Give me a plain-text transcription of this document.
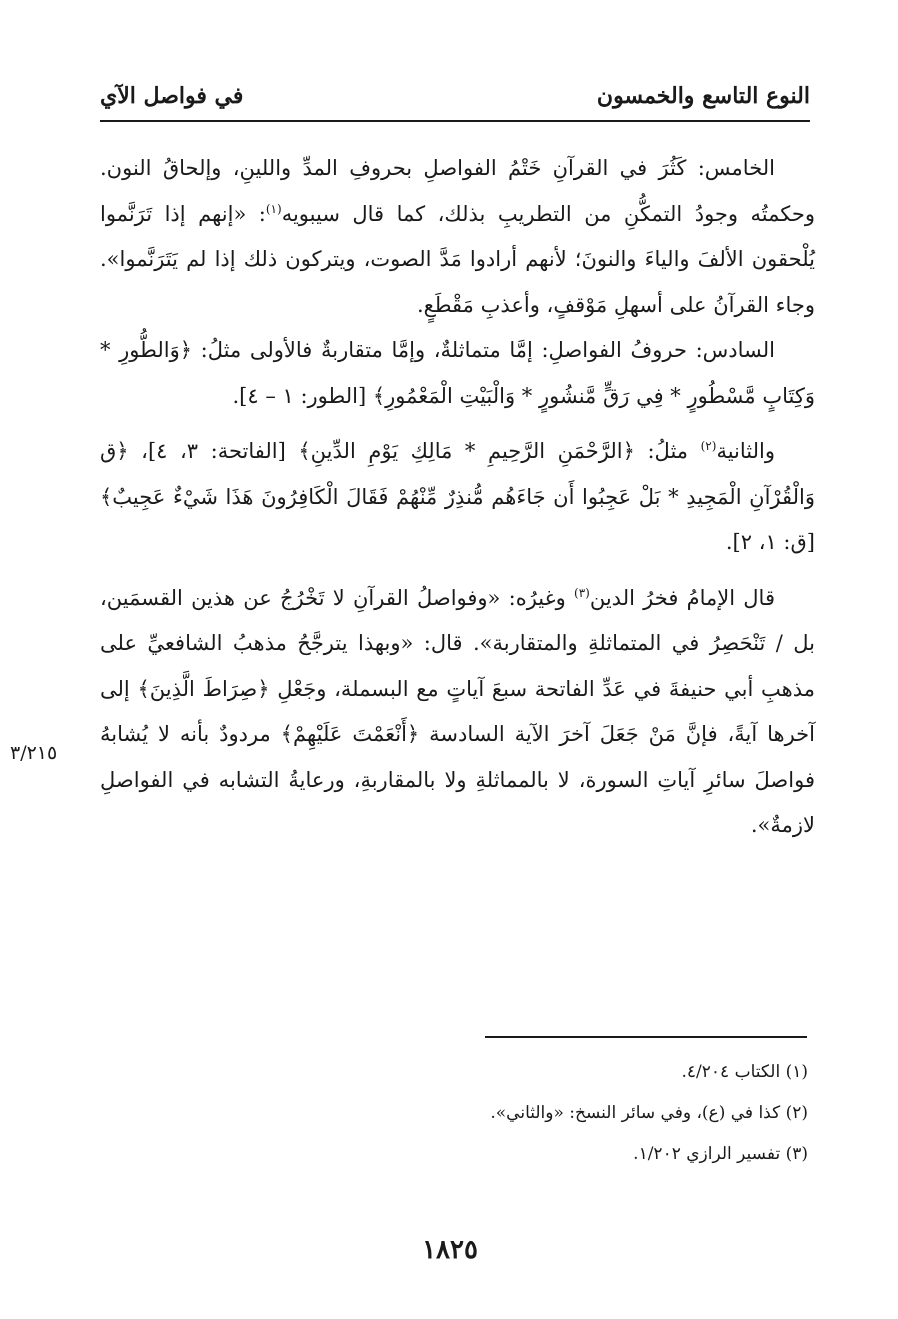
النوع التاسع والخمسون
في فواصل الآي

الخامس: كَثُرَ في القرآنِ خَتْمُ الفواصلِ بحروفِ المدِّ واللينِ، وإلحاقُ النون. وحكمتُه وجودُ التمكُّنِ من التطريبِ بذلك، كما قال سيبويه$^{(١)}$: «إنهم إذا تَرَنَّموا يُلْحقون الألفَ والياءَ والنونَ؛ لأنهم أرادوا مَدَّ الصوت، ويتركون ذلك إذا لم يَتَرَنَّموا». وجاء القرآنُ على أسهلِ مَوْقفٍ، وأعذبِ مَقْطَعٍ.

السادس: حروفُ الفواصلِ: إمَّا متماثلةٌ، وإمَّا متقاربةٌ فالأولى مثلُ: ﴿وَالطُّورِ * وَكِتَابٍ مَّسْطُورٍ * فِي رَقٍّ مَّنشُورٍ * وَالْبَيْتِ الْمَعْمُورِ﴾ [الطور: ١ – ٤].

والثانية$^{(٢)}$ مثلُ: ﴿الرَّحْمَنِ الرَّحِيمِ * مَالِكِ يَوْمِ الدِّينِ﴾ [الفاتحة: ٣، ٤]، ﴿ق وَالْقُرْآنِ الْمَجِيدِ * بَلْ عَجِبُوا أَن جَاءَهُم مُّنذِرٌ مِّنْهُمْ فَقَالَ الْكَافِرُونَ هَذَا شَيْءٌ عَجِيبٌ﴾ [ق: ١، ٢].

قال الإمامُ فخرُ الدين$^{(٣)}$ وغيرُه: «وفواصلُ القرآنِ لا تَخْرُجُ عن هذين القسمَين، بل / تَنْحَصِرُ في المتماثلةِ والمتقاربة». قال: «وبهذا يترجَّحُ مذهبُ الشافعيِّ على مذهبِ أبي حنيفةَ في عَدِّ الفاتحة سبعَ آياتٍ مع البسملة، وجَعْلِ ﴿صِرَاطَ الَّذِينَ﴾ إلى آخرها آيةً، فإنَّ مَنْ جَعَلَ آخرَ الآية السادسة ﴿أَنْعَمْتَ عَلَيْهِمْ﴾ مردودٌ بأنه لا يُشابهُ فواصلَ سائرِ آياتِ السورة، لا بالمماثلةِ ولا بالمقاربةِ، ورعايةُ التشابه في الفواصلِ لازمةٌ».

٣/٢١٥
(١) الكتاب ٤/٢٠٤.
(٢) كذا في (ع)، وفي سائر النسخ: «والثاني».
(٣) تفسير الرازي ١/٢٠٢.
١٨٢٥
